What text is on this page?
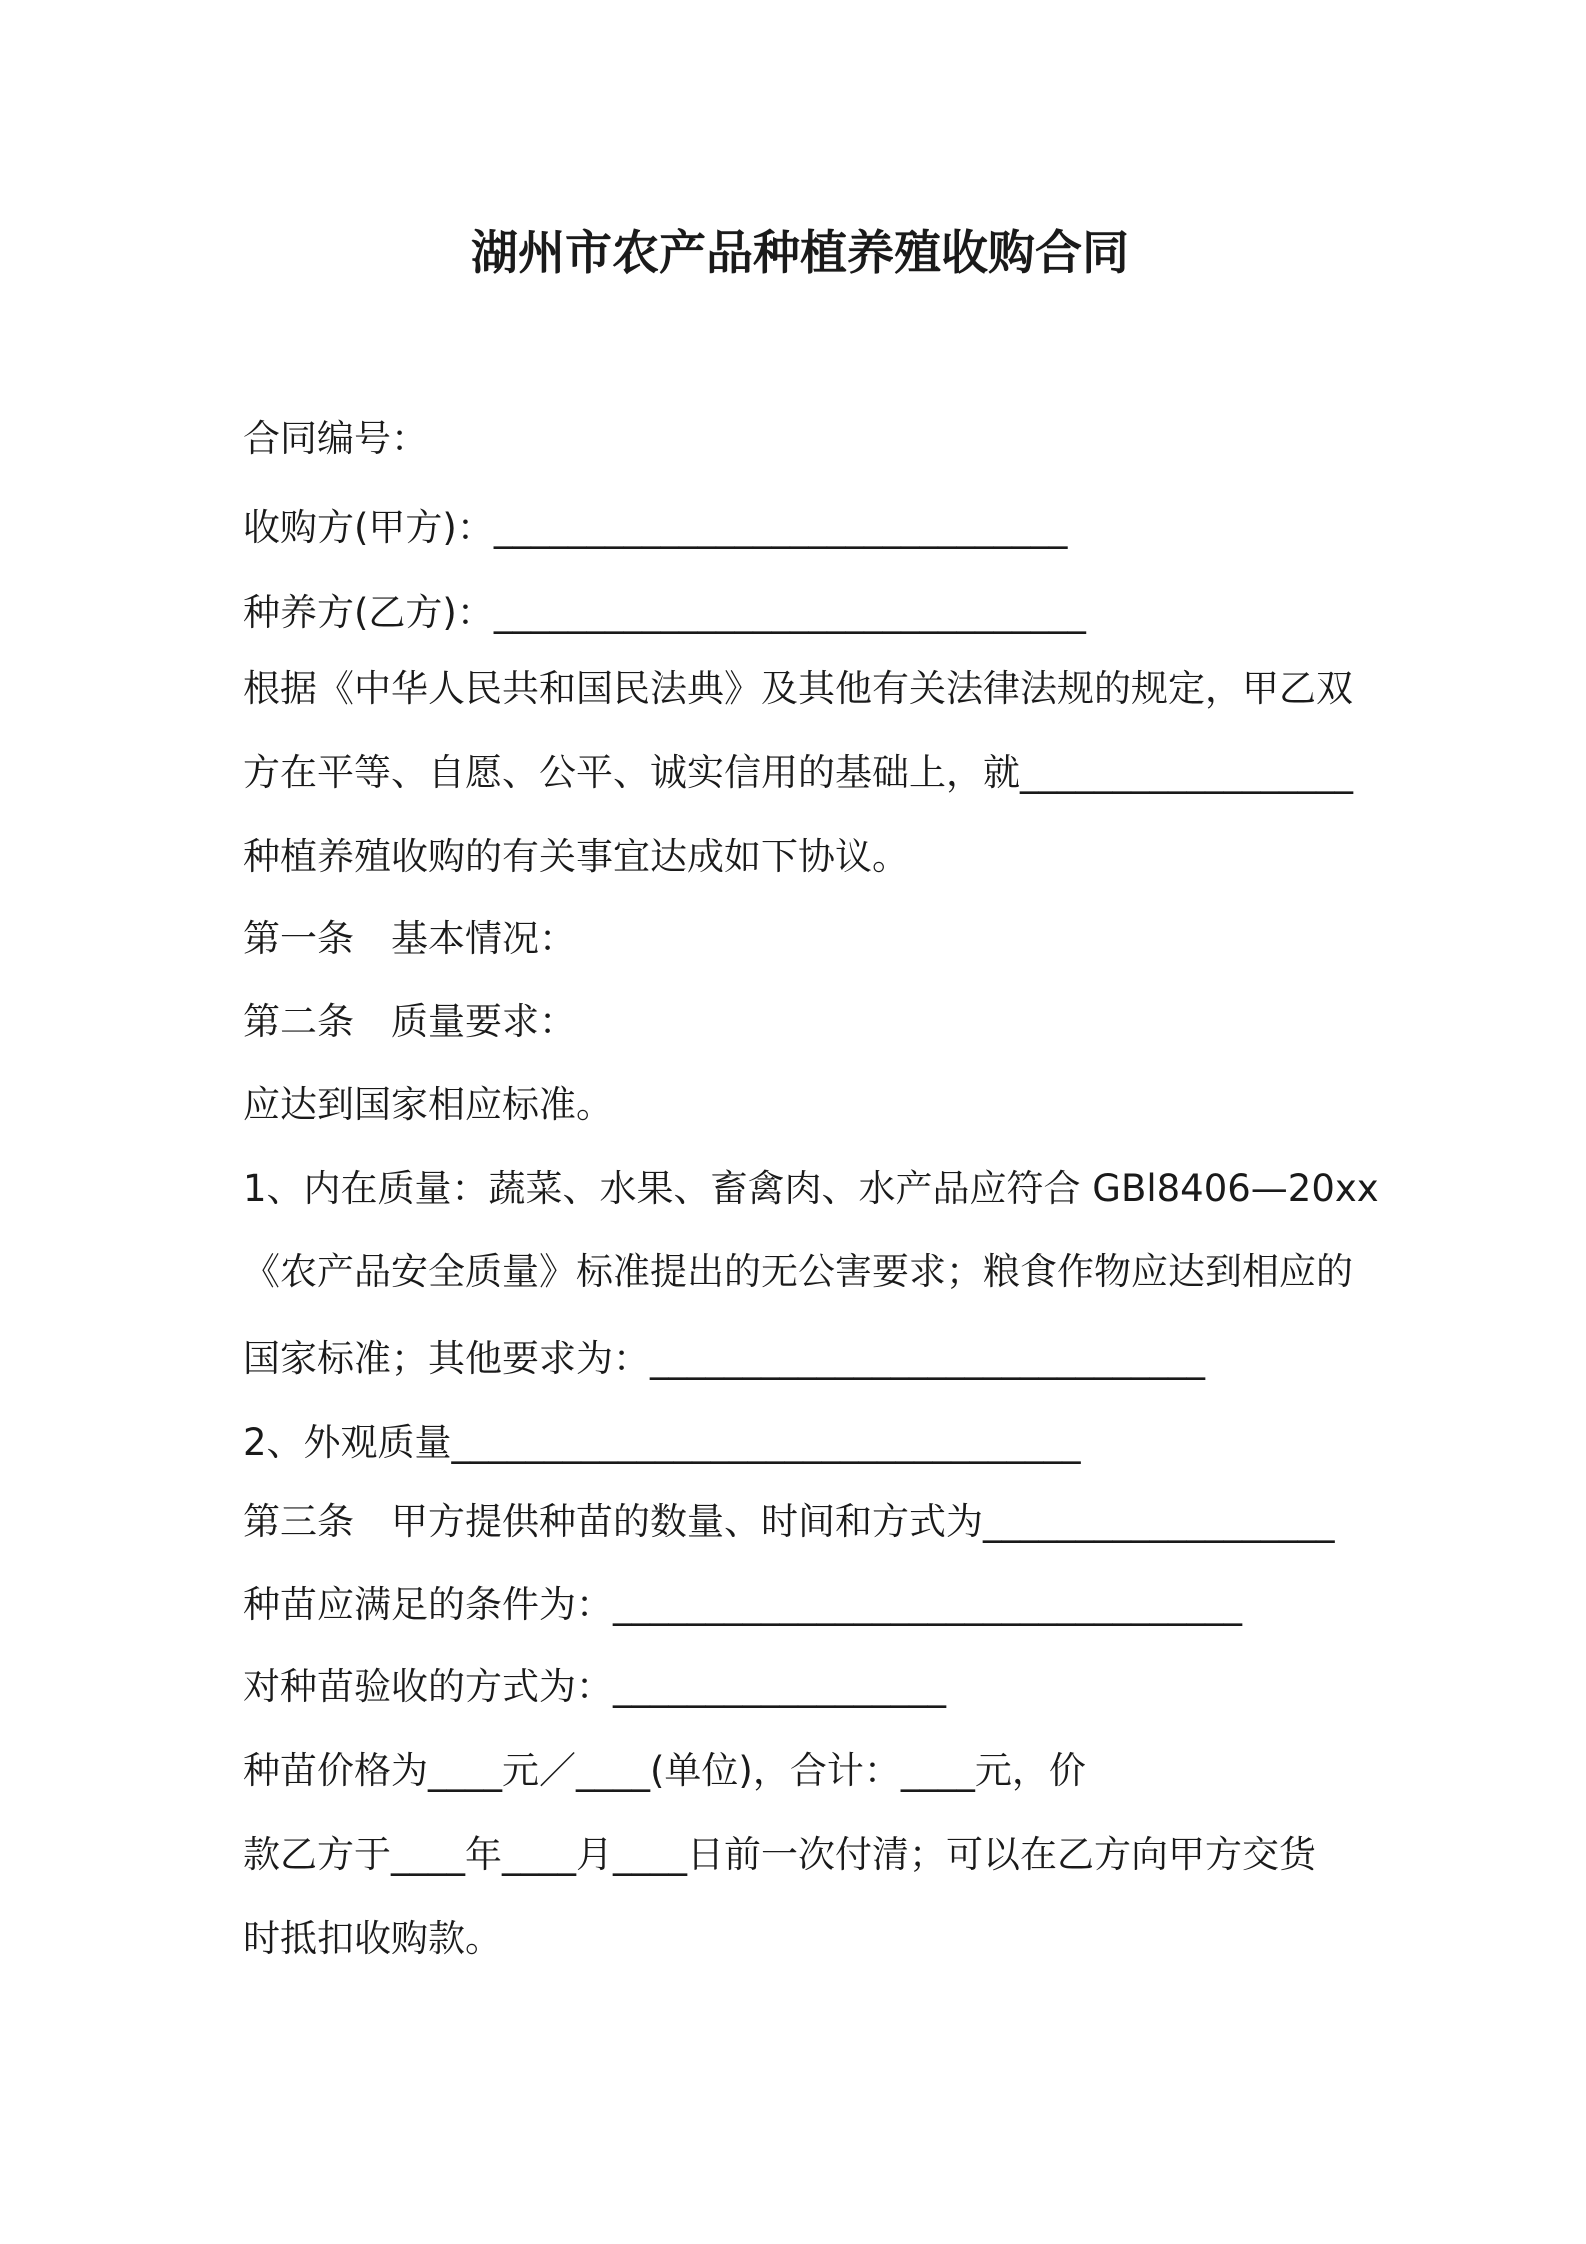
湖州市农产品种植养殖收购合同
合同编号：
收购方(甲方)：_______________________________
种养方(乙方)：________________________________
根据《中华人民共和国民法典》及其他有关法律法规的规定，甲乙双
方在平等、自愿、公平、诚实信用的基础上，就__________________
种植养殖收购的有关事宜达成如下协议。
第一条　基本情况：
第二条　质量要求：
应达到国家相应标准。
1、内在质量：蔬菜、水果、畜禽肉、水产品应符合 GBl8406—20xx
《农产品安全质量》标准提出的无公害要求；粮食作物应达到相应的
国家标准；其他要求为：______________________________
2、外观质量__________________________________
第三条　甲方提供种苗的数量、时间和方式为___________________
种苗应满足的条件为：__________________________________
对种苗验收的方式为：__________________
种苗价格为____元／____(单位)，合计：____元，价
款乙方于____年____月____日前一次付清；可以在乙方向甲方交货
时抵扣收购款。
